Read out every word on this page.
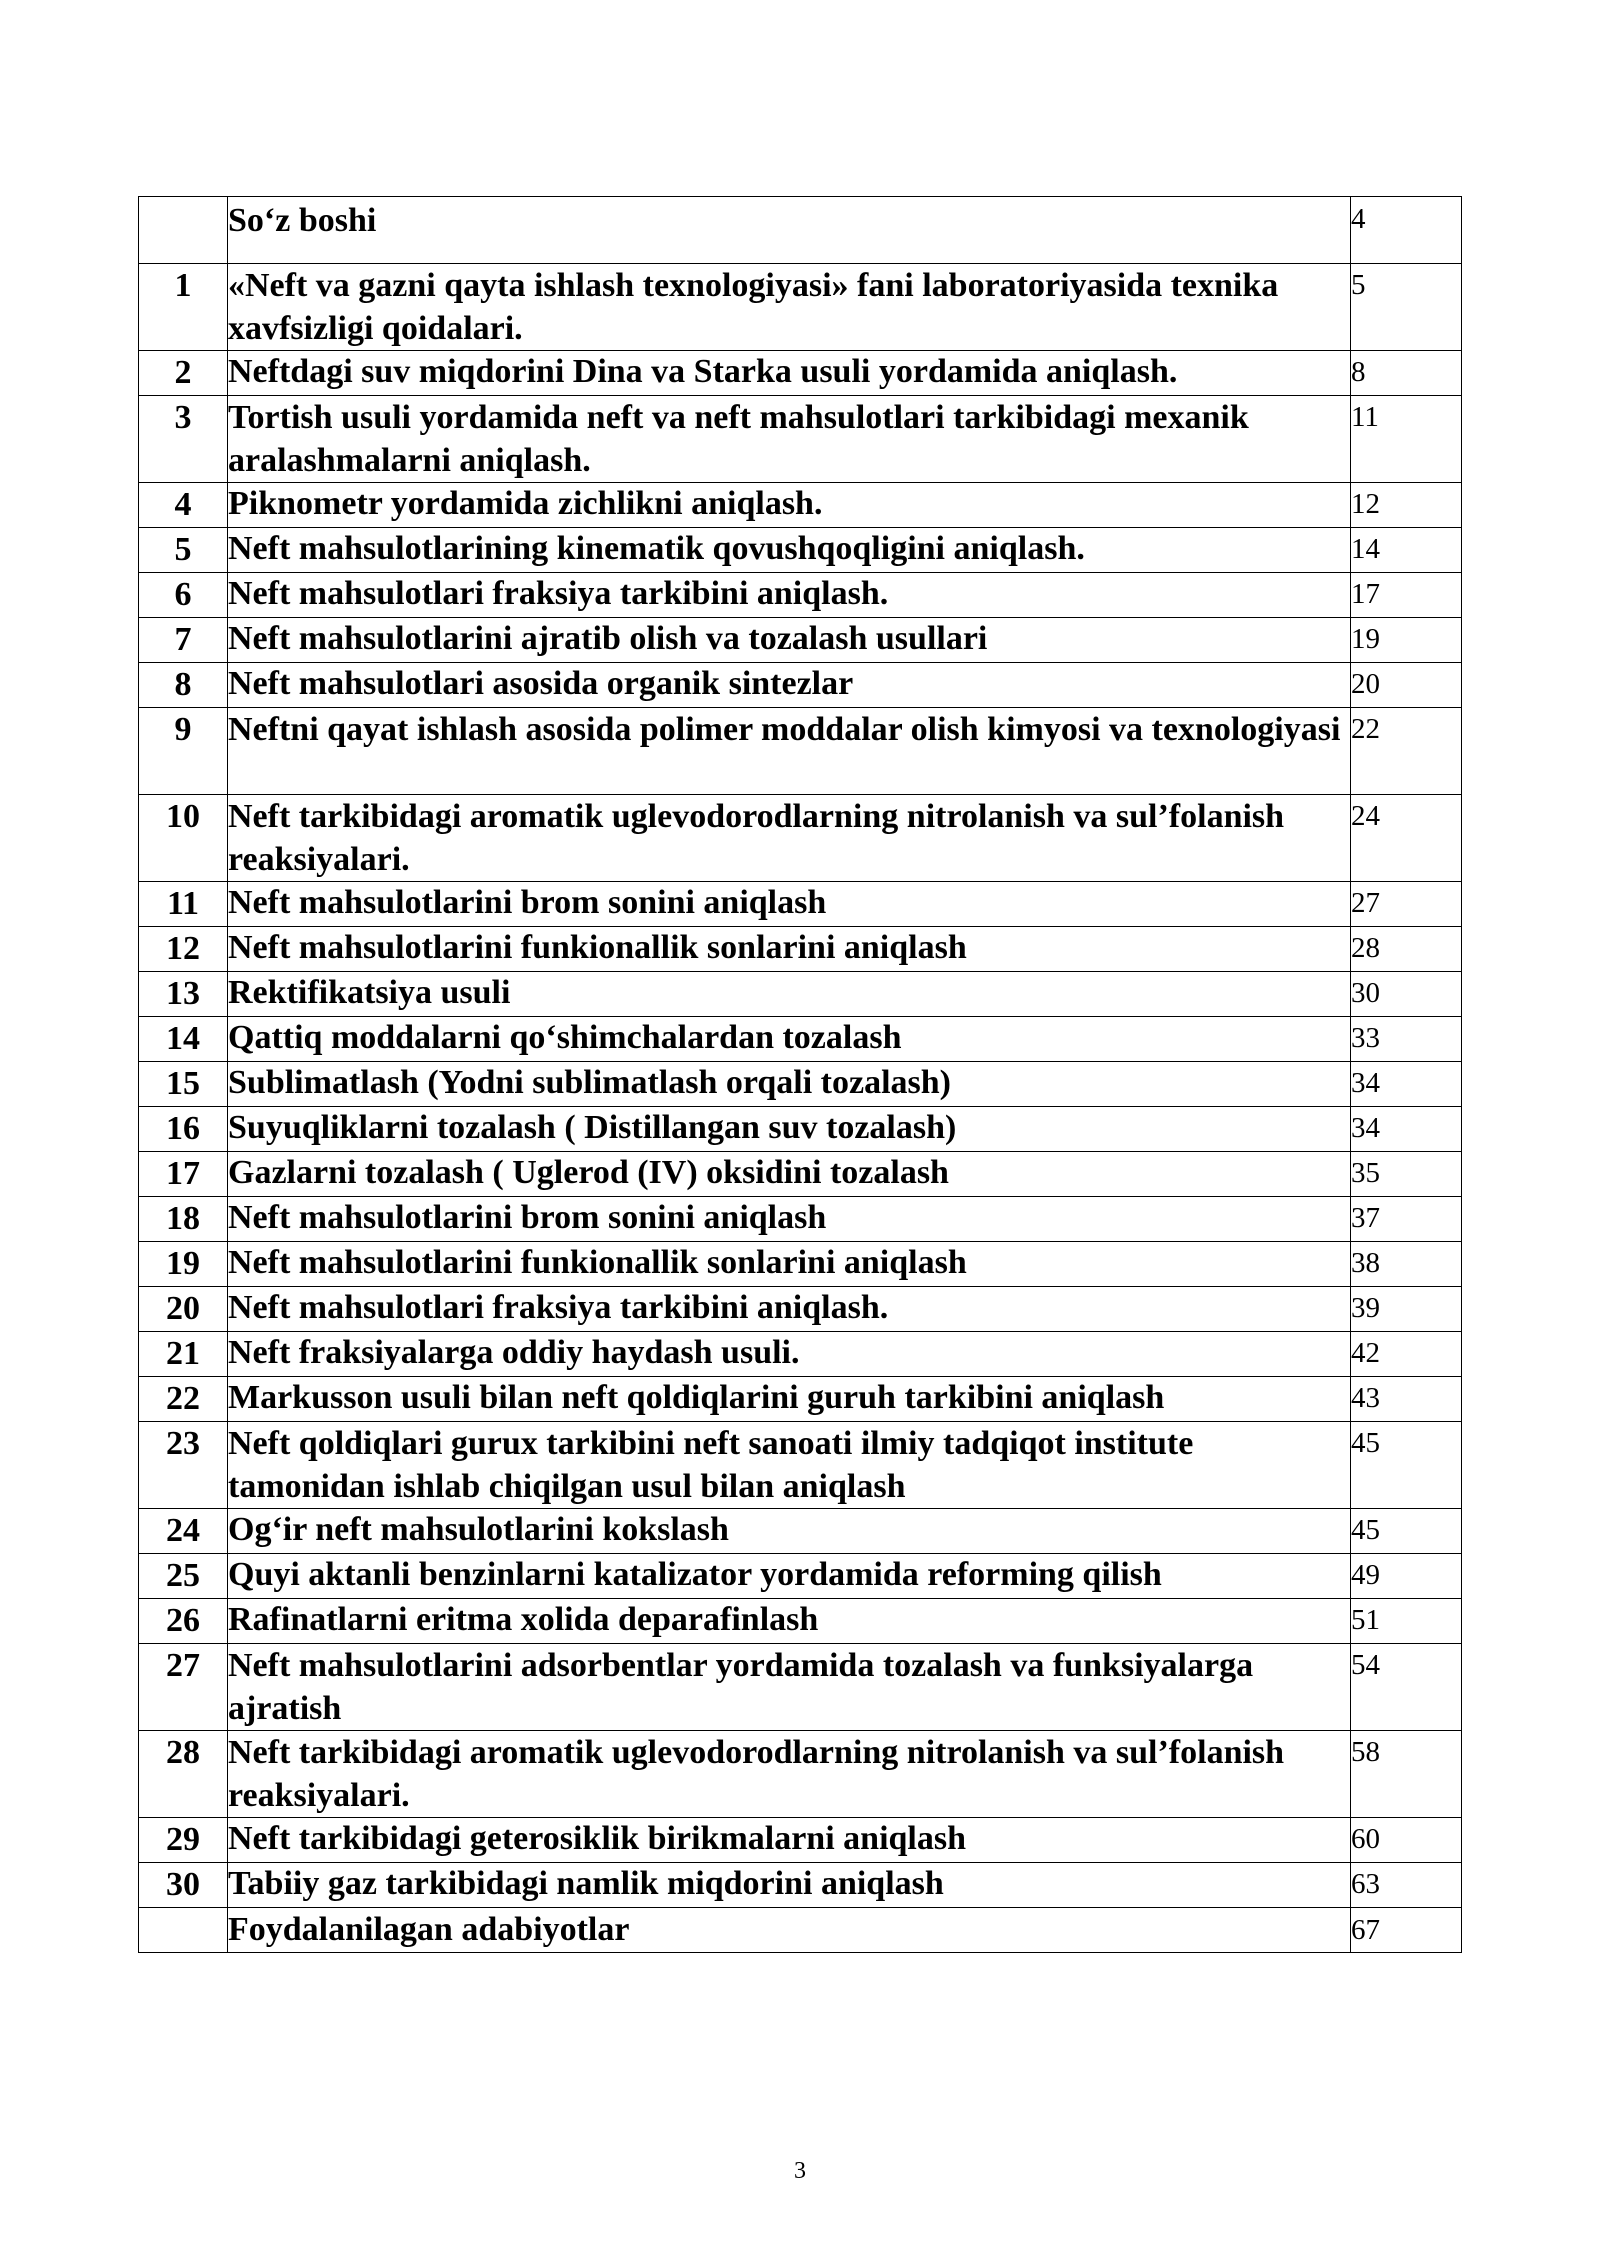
	So‘z boshi	4
1	«Neft va gazni qayta ishlash texnologiyasi» fani laboratoriyasida texnika xavfsizligi qoidalari.	5
2	Neftdagi suv miqdorini Dina va Starka usuli yordamida aniqlash.	8
3	Tortish usuli yordamida neft va neft mahsulotlari tarkibidagi mexanik aralashmalarni aniqlash.	11
4	Piknometr yordamida zichlikni aniqlash.	12
5	Neft mahsulotlarining kinematik qovushqoqligini aniqlash.	14
6	Neft mahsulotlari fraksiya tarkibini aniqlash.	17
7	Neft mahsulotlarini ajratib olish va tozalash usullari	19
8	Neft mahsulotlari asosida organik sintezlar	20
9	Neftni qayat ishlash asosida polimer moddalar olish kimyosi va texnologiyasi	22
10	Neft tarkibidagi aromatik uglevodorodlarning nitrolanish va sul’folanish reaksiyalari.	24
11	Neft mahsulotlarini brom sonini aniqlash	27
12	Neft mahsulotlarini funkionallik sonlarini aniqlash	28
13	Rektifikatsiya usuli	30
14	Qattiq moddalarni qo‘shimchalardan tozalash	33
15	Sublimatlash (Yodni sublimatlash orqali tozalash)	34
16	Suyuqliklarni tozalash ( Distillangan suv tozalash)	34
17	Gazlarni tozalash ( Uglerod (IV) oksidini tozalash	35
18	Neft mahsulotlarini brom sonini aniqlash	37
19	Neft mahsulotlarini funkionallik sonlarini aniqlash	38
20	Neft mahsulotlari fraksiya tarkibini aniqlash.	39
21	Neft fraksiyalarga oddiy haydash usuli.	42
22	Markusson usuli bilan neft qoldiqlarini guruh tarkibini aniqlash	43
23	Neft qoldiqlari gurux tarkibini neft sanoati ilmiy tadqiqot institute tamonidan ishlab chiqilgan usul bilan aniqlash	45
24	Og‘ir neft mahsulotlarini kokslash	45
25	Quyi aktanli benzinlarni katalizator yordamida reforming qilish	49
26	Rafinatlarni eritma xolida deparafinlash	51
27	Neft mahsulotlarini adsorbentlar yordamida tozalash va funksiyalarga ajratish	54
28	Neft tarkibidagi aromatik uglevodorodlarning nitrolanish va sul’folanish reaksiyalari.	58
29	Neft tarkibidagi geterosiklik birikmalarni aniqlash	60
30	Tabiiy gaz tarkibidagi namlik miqdorini aniqlash	63
	Foydalanilagan adabiyotlar	67
3
